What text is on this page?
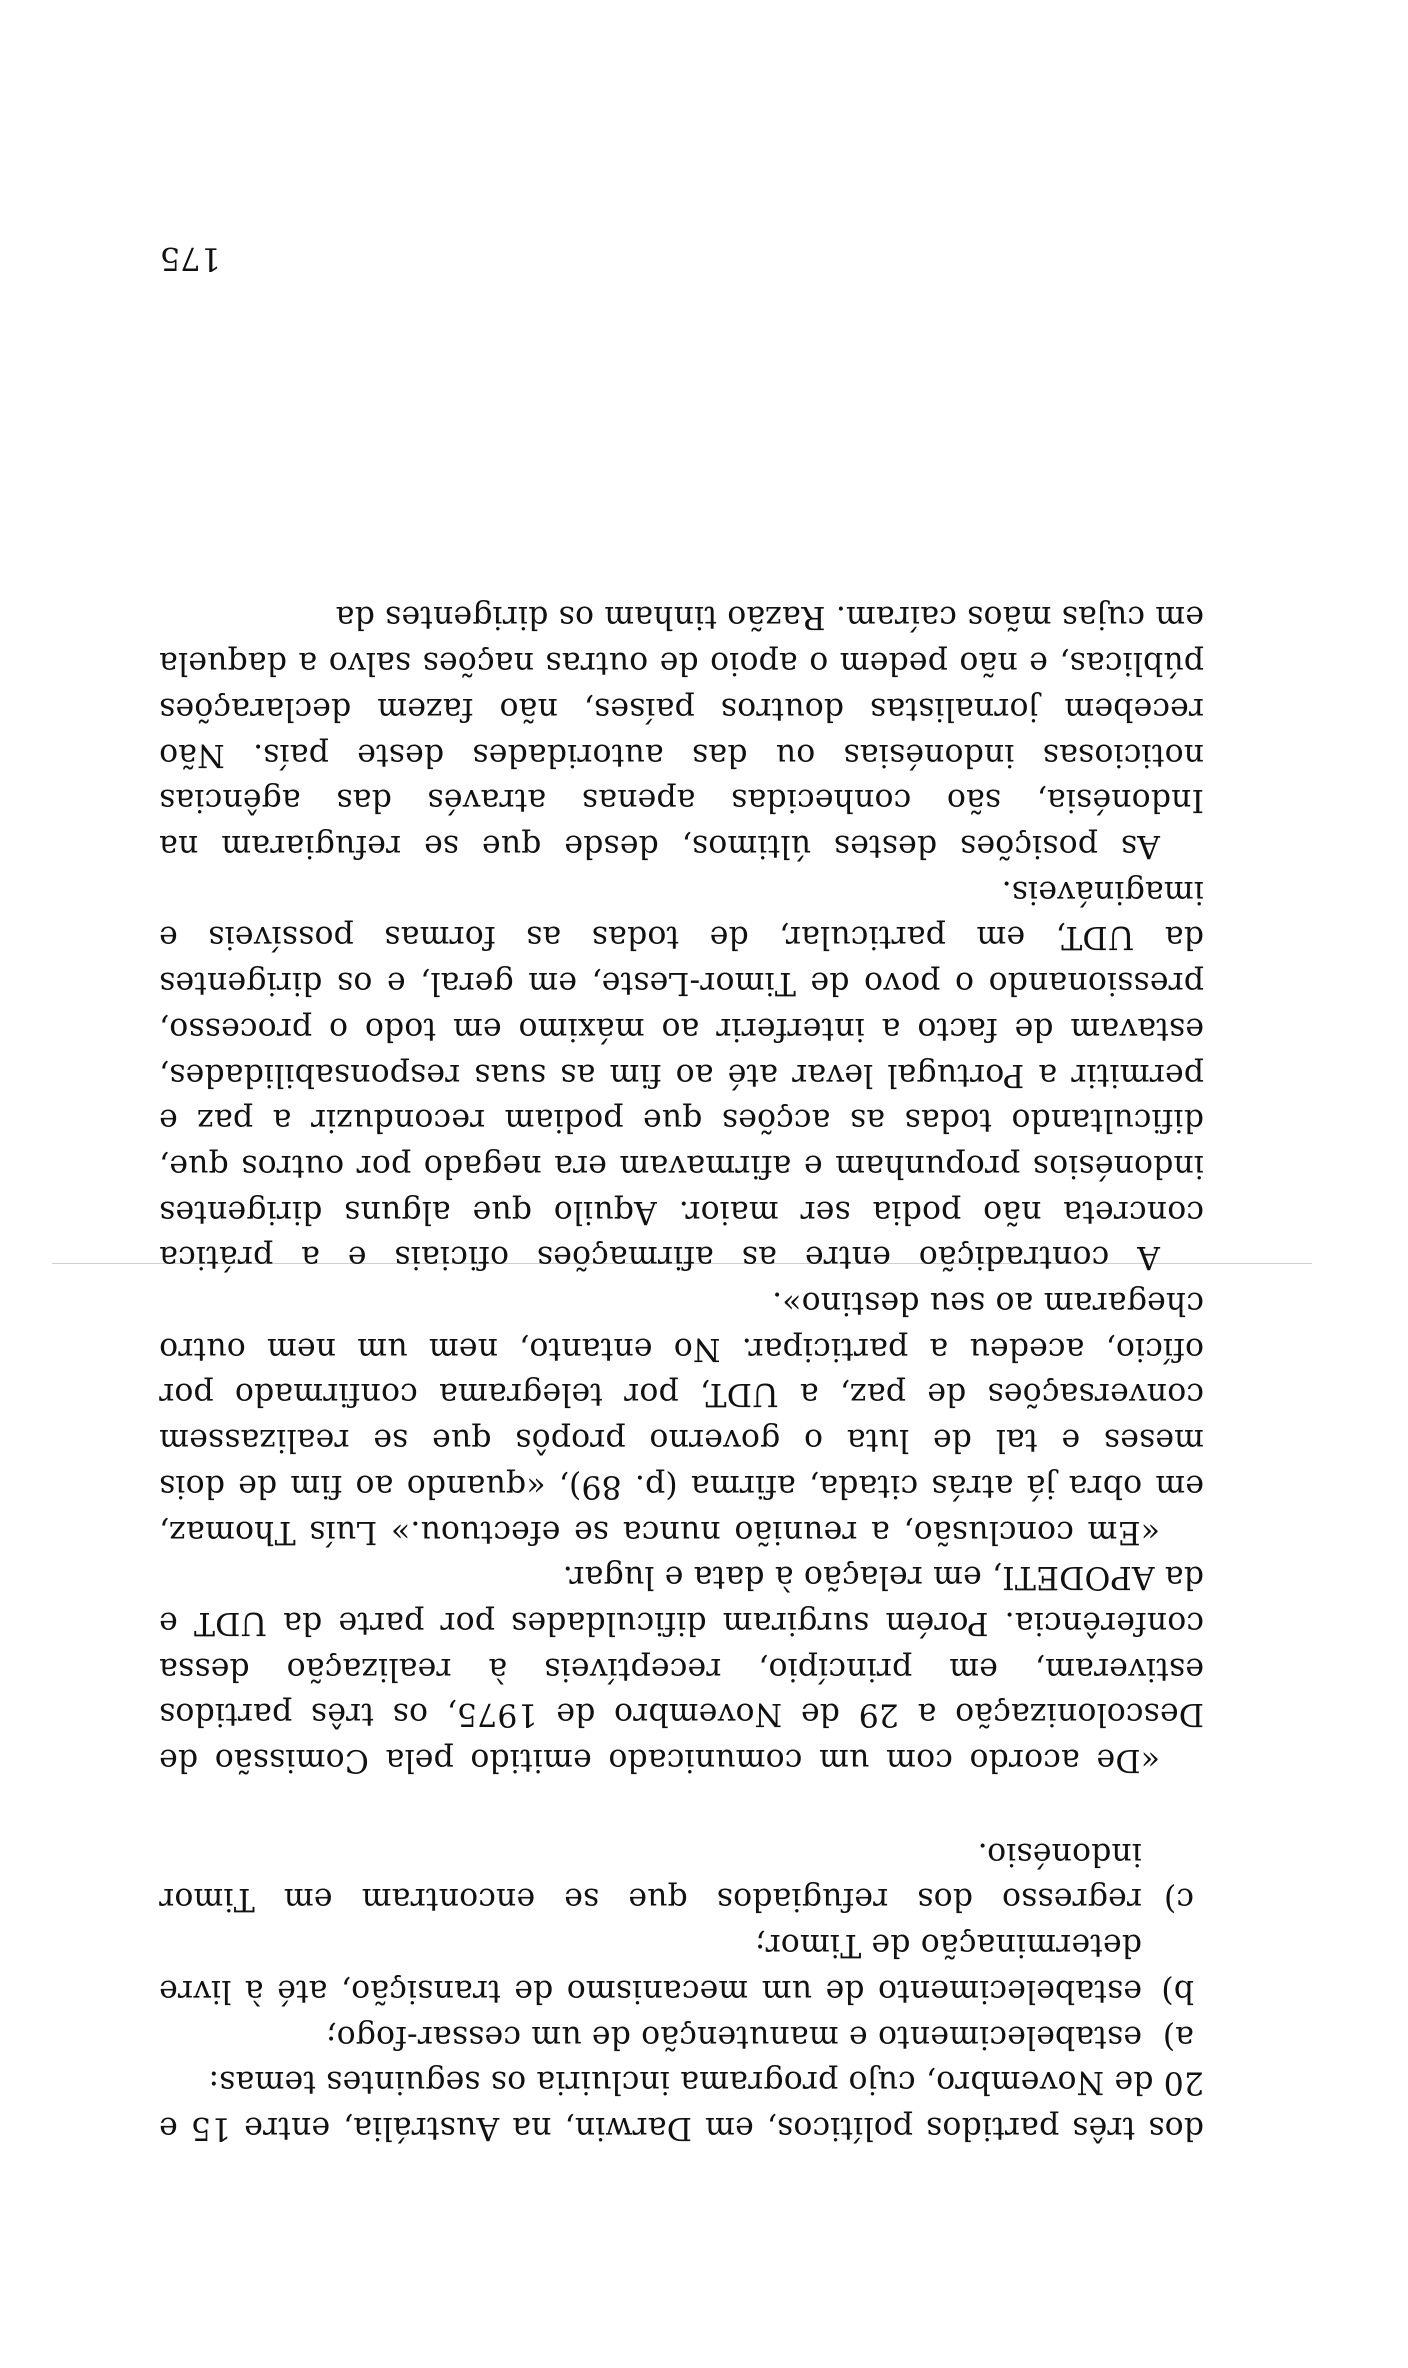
dos três partidos políticos, em Darwin, na Austrália, entre 15 e 20 de Novembro, cujo programa incluiria os seguintes temas:

a)
estabelecimento e manutenção de um cessar-fogo;
b)
estabelecimento de um mecanismo de transição, até à livre determinação de Timor;
c)
regresso dos refugiados que se encontram em Timor indonésio.

«De acordo com um comunicado emitido pela Comissão de Descolonização a 29 de Novembro de 1975, os três partidos estiveram, em princípio, receptíveis à realização dessa conferência. Porém surgiram dificuldades por parte da UDT e da APODETI, em relação à data e lugar.

«Em conclusão, a reunião nunca se efectuou.» Luís Thomaz, em obra já atrás citada, afirma (p. 89), «quando ao fim de dois meses e tal de luta o governo propôs que se realizassem conversações de paz, a UDT, por telegrama confirmado por ofício, acedeu a participar. No entanto, nem um nem outro chegaram ao seu destino».

A contradição entre as afirmações oficiais e a prática concreta não podia ser maior. Aquilo que alguns dirigentes indonésios propunham e afirmavam era negado por outros que, dificultando todas as acções que podiam reconduzir a paz e permitir a Portugal levar até ao fim as suas responsabilidades, estavam de facto a interferir ao máximo em todo o processo, pressionando o povo de Timor-Leste, em geral, e os dirigentes da UDT, em particular, de todas as formas possíveis e imagináveis.

As posições destes últimos, desde que se refugiaram na Indonésia, são conhecidas apenas através das agências noticiosas indonésias ou das autoridades deste país. Não recebem jornalistas doutros países, não fazem declarações públicas, e não pedem o apoio de outras nações salvo a daquela em cujas mãos caíram. Razão tinham os dirigentes da

175
